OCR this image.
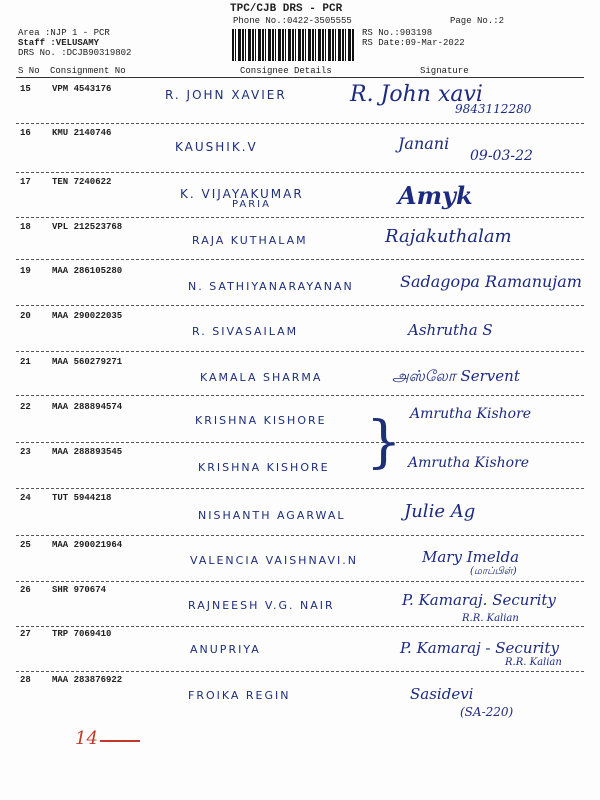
TPC/CJB DRS - PCR
Phone No.:0422-3505555	Page No.:2
Area :NJP 1 - PCR
Staff :VELUSAMY
DRS No. :DCJB90319802
RS No.:903198
RS Date:09-Mar-2022
S No Consignment No	Consignee Details	Signature
15 VPM 4543176	R. JOHN XAVIER	R. John xavi
9843112280
16 KMU 2140746
KAUSHIK.V	Janani
09-03-22
17 TEN 7240622
K. VIJAYAKUMAR
PARIA	Amyk
18 VPL 212523768
RAJA KUTHALAM	Rajakuthalam
19 MAA 286105280
N. SATHIYANARAYANAN	Sadagopa Ramanujam
20 MAA 290022035
R. SIVASAILAM	Ashrutha S
21 MAA 560279271
KAMALA SHARMA	அஸ்லோ Servent
22 MAA 288894574
KRISHNA KISHORE	Amrutha Kishore
23 MAA 288893545
KRISHNA KISHORE	Amrutha Kishore
24 TUT 5944218
NISHANTH AGARWAL	Julie Ag
25 MAA 290021964
VALENCIA VAISHNAVI.N	Mary Imelda
(மாப்பிள்)
26 SHR 970674
RAJNEESH V.G. NAIR	P. Kamaraj. Security
R.R. Kalian
27 TRP 7069410
ANUPRIYA	P. Kamaraj - Security
R.R. Kalian
28 MAA 283876922
FROIKA REGIN	Sasidevi
(SA-220)
}
14
